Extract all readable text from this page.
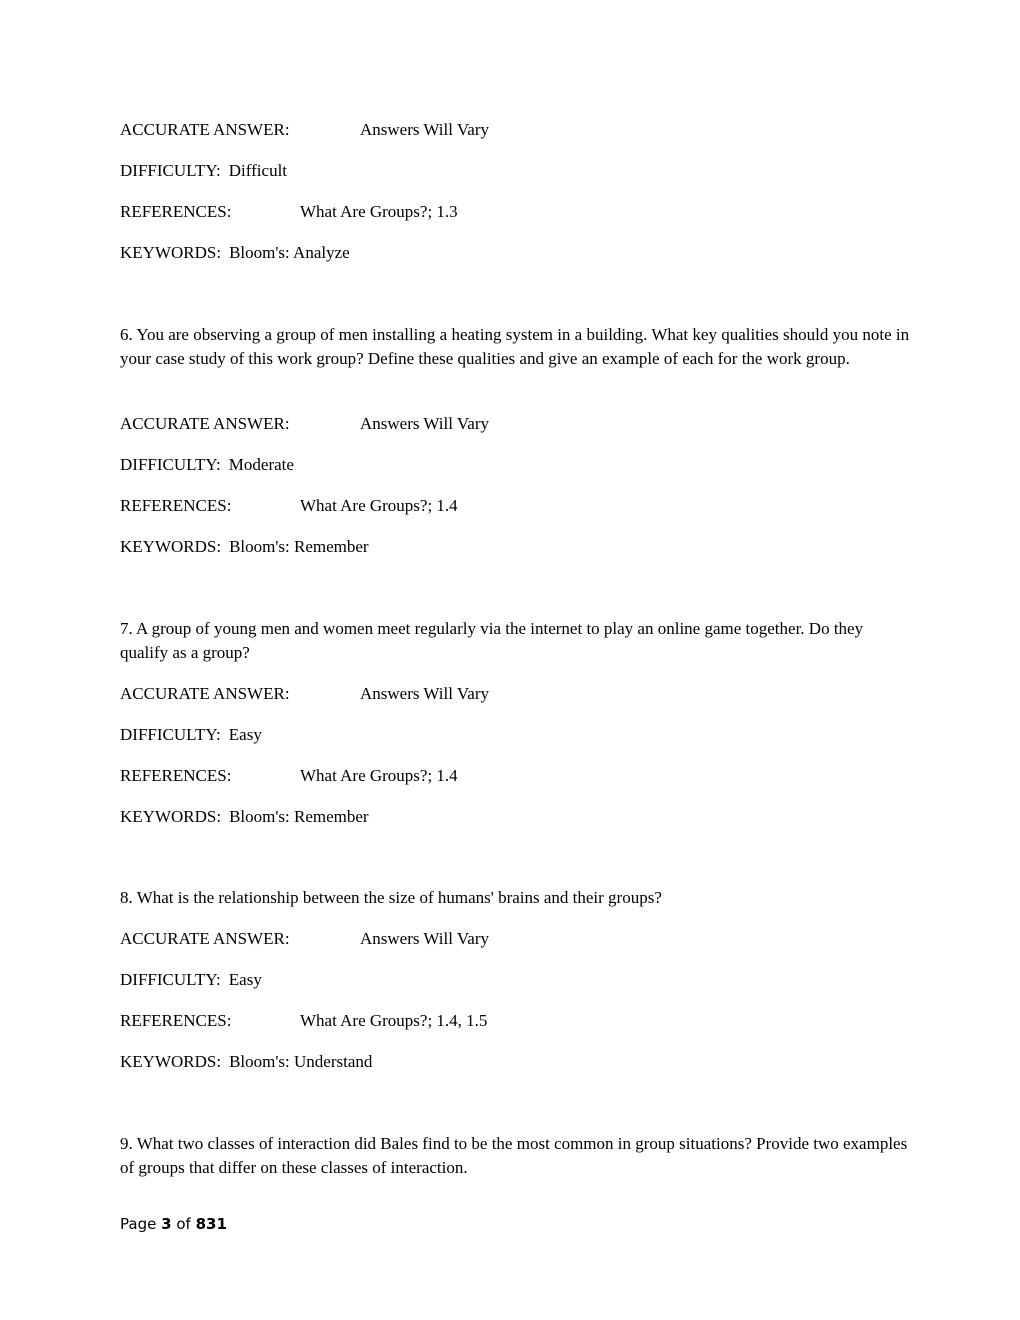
ACCURATE ANSWER:	Answers Will Vary
DIFFICULTY: Difficult
REFERENCES:	What Are Groups?; 1.3
KEYWORDS: Bloom's: Analyze
6. You are observing a group of men installing a heating system in a building. What key qualities should you note in your case study of this work group? Define these qualities and give an example of each for the work group.
ACCURATE ANSWER:	Answers Will Vary
DIFFICULTY: Moderate
REFERENCES:	What Are Groups?; 1.4
KEYWORDS: Bloom's: Remember
7. A group of young men and women meet regularly via the internet to play an online game together. Do they qualify as a group?
ACCURATE ANSWER:	Answers Will Vary
DIFFICULTY: Easy
REFERENCES:	What Are Groups?; 1.4
KEYWORDS: Bloom's: Remember
8. What is the relationship between the size of humans' brains and their groups?
ACCURATE ANSWER:	Answers Will Vary
DIFFICULTY: Easy
REFERENCES:	What Are Groups?; 1.4, 1.5
KEYWORDS: Bloom's: Understand
9. What two classes of interaction did Bales find to be the most common in group situations? Provide two examples of groups that differ on these classes of interaction.
Page 3 of 831
